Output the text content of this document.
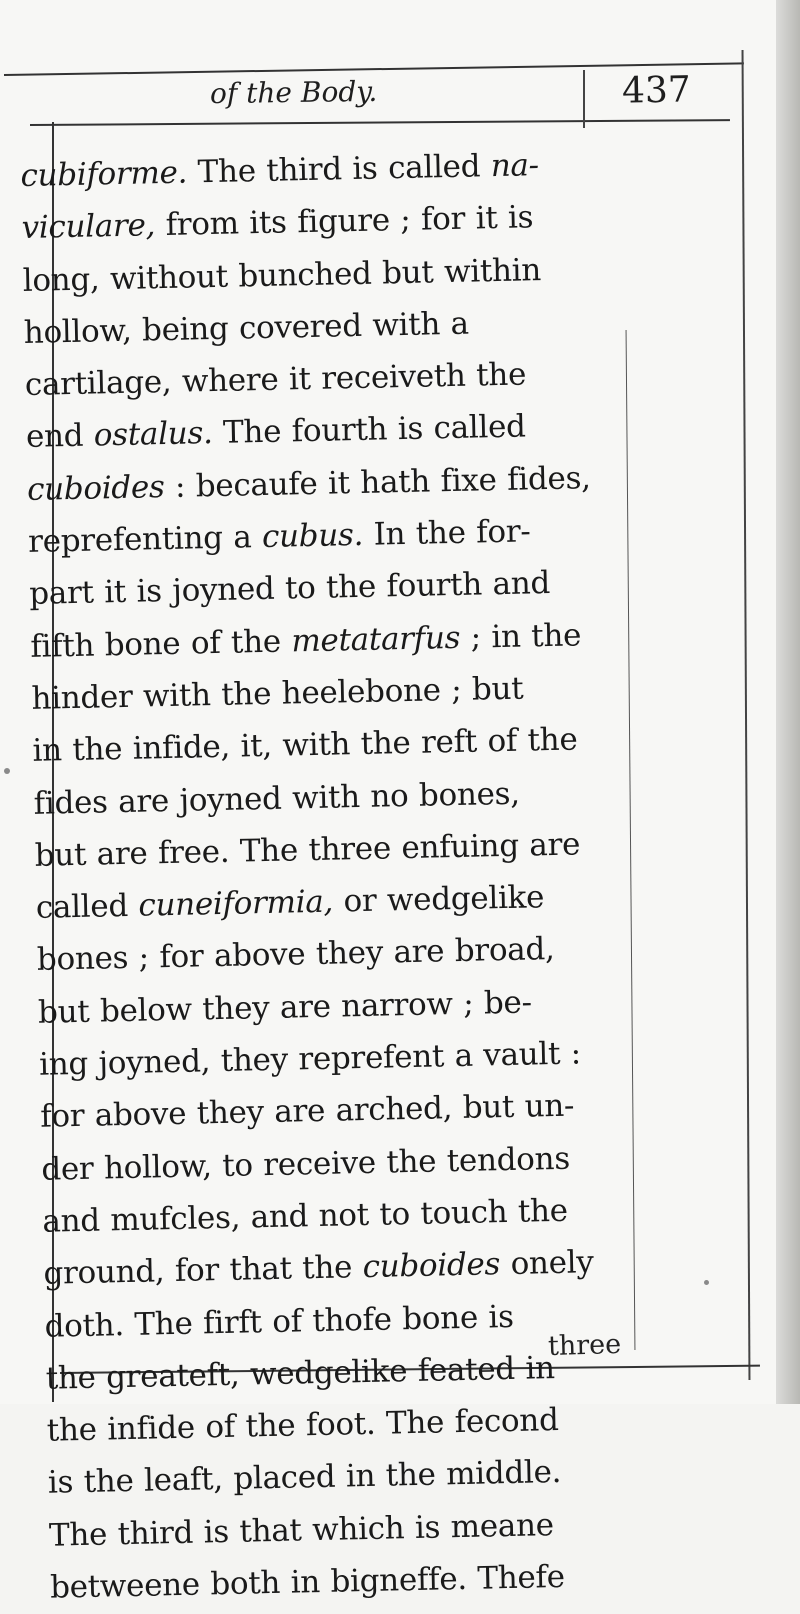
of the Body.	437
cubiforme. The third is called na-
viculare, from its figure ; for it is
long, without bunched but within
hollow, being covered with a
cartilage, where it receiveth the
end ostalus. The fourth is called
cuboides : becaufe it hath fixe fides,
reprefenting a cubus. In the for-
part it is joyned to the fourth and
fifth bone of the metatarfus ; in the
hinder with the heelebone ; but
in the infide, it, with the reft of the
fides are joyned with no bones,
but are free. The three enfuing are
called cuneiformia, or wedgelike
bones ; for above they are broad,
but below they are narrow ; be-
ing joyned, they reprefent a vault :
for above they are arched, but un-
der hollow, to receive the tendons
and mufcles, and not to touch the
ground, for that the cuboides onely
doth. The firft of thofe bone is
the greateft, wedgelike feated in
the infide of the foot. The fecond
is the leaft, placed in the middle.
The third is that which is meane
betweene both in bigneffe. Thefe
three
